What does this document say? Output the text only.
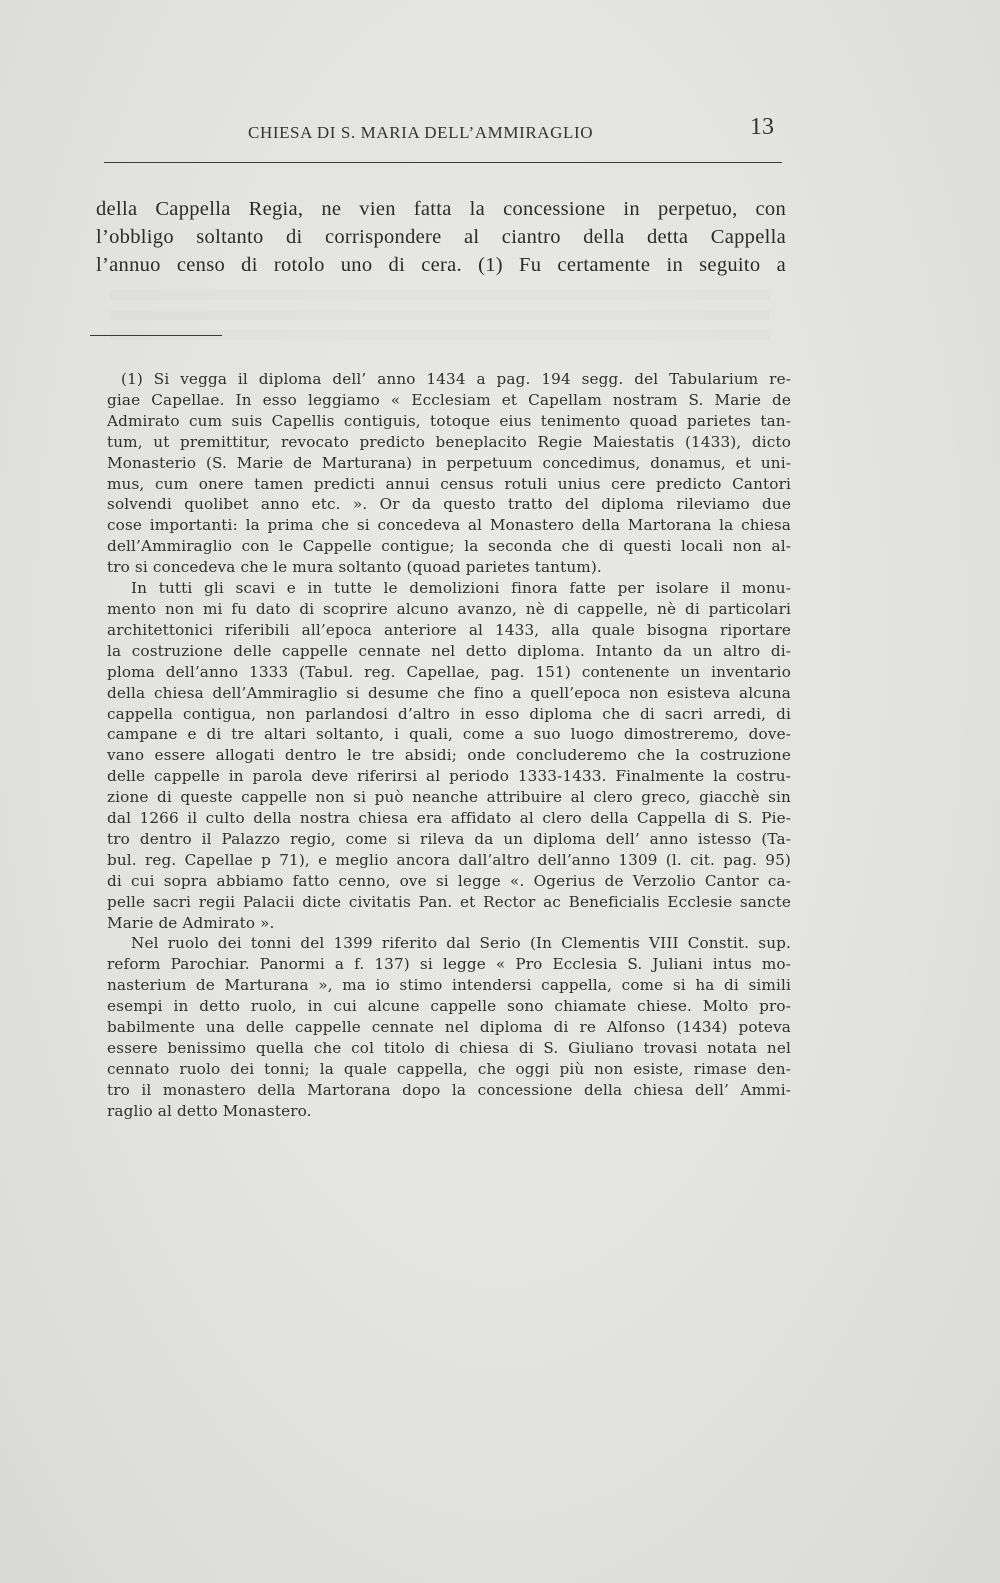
CHIESA DI S. MARIA DELL’AMMIRAGLIO	13
della Cappella Regia, ne vien fatta la concessione in perpetuo, con
l’obbligo soltanto di corrispondere al ciantro della detta Cappella
l’annuo censo di rotolo uno di cera. (1) Fu certamente in seguito a
(1) Si vegga il diploma dell’ anno 1434 a pag. 194 segg. del Tabularium re-
giae Capellae. In esso leggiamo « Ecclesiam et Capellam nostram S. Marie de
Admirato cum suis Capellis contiguis, totoque eius tenimento quoad parietes tan-
tum, ut premittitur, revocato predicto beneplacito Regie Maiestatis (1433), dicto
Monasterio (S. Marie de Marturana) in perpetuum concedimus, donamus, et uni-
mus, cum onere tamen predicti annui census rotuli unius cere predicto Cantori
solvendi quolibet anno etc. ». Or da questo tratto del diploma rileviamo due
cose importanti: la prima che si concedeva al Monastero della Martorana la chiesa
dell’Ammiraglio con le Cappelle contigue; la seconda che di questi locali non al-
tro si concedeva che le mura soltanto (quoad parietes tantum).
In tutti gli scavi e in tutte le demolizioni finora fatte per isolare il monu-
mento non mi fu dato di scoprire alcuno avanzo, nè di cappelle, nè di particolari
architettonici riferibili all’epoca anteriore al 1433, alla quale bisogna riportare
la costruzione delle cappelle cennate nel detto diploma. Intanto da un altro di-
ploma dell’anno 1333 (Tabul. reg. Capellae, pag. 151) contenente un inventario
della chiesa dell’Ammiraglio si desume che fino a quell’epoca non esisteva alcuna
cappella contigua, non parlandosi d’altro in esso diploma che di sacri arredi, di
campane e di tre altari soltanto, i quali, come a suo luogo dimostreremo, dove-
vano essere allogati dentro le tre absidi; onde concluderemo che la costruzione
delle cappelle in parola deve riferirsi al periodo 1333-1433. Finalmente la costru-
zione di queste cappelle non si può neanche attribuire al clero greco, giacchè sin
dal 1266 il culto della nostra chiesa era affidato al clero della Cappella di S. Pie-
tro dentro il Palazzo regio, come si rileva da un diploma dell’ anno istesso (Ta-
bul. reg. Capellae p 71), e meglio ancora dall’altro dell’anno 1309 (l. cit. pag. 95)
di cui sopra abbiamo fatto cenno, ove si legge «. Ogerius de Verzolio Cantor ca-
pelle sacri regii Palacii dicte civitatis Pan. et Rector ac Beneficialis Ecclesie sancte
Marie de Admirato ».
Nel ruolo dei tonni del 1399 riferito dal Serio (In Clementis VIII Constit. sup.
reform Parochiar. Panormi a f. 137) si legge « Pro Ecclesia S. Juliani intus mo-
nasterium de Marturana », ma io stimo intendersi cappella, come si ha di simili
esempi in detto ruolo, in cui alcune cappelle sono chiamate chiese. Molto pro-
babilmente una delle cappelle cennate nel diploma di re Alfonso (1434) poteva
essere benissimo quella che col titolo di chiesa di S. Giuliano trovasi notata nel
cennato ruolo dei tonni; la quale cappella, che oggi più non esiste, rimase den-
tro il monastero della Martorana dopo la concessione della chiesa dell’ Ammi-
raglio al detto Monastero.
